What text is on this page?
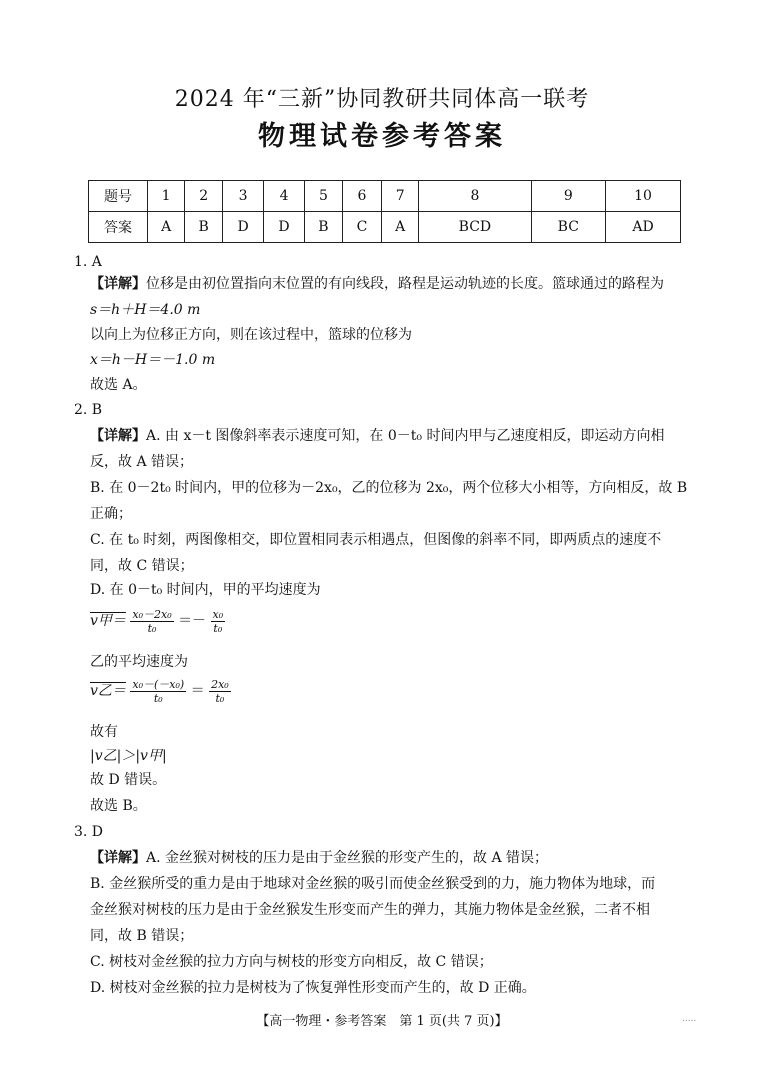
2024 年“三新”协同教研共同体高一联考
物理试卷参考答案
题号	1	2	3	4	5	6	7	8	9	10
答案	A	B	D	D	B	C	A	BCD	BC	AD
1. A
【详解】位移是由初位置指向末位置的有向线段，路程是运动轨迹的长度。篮球通过的路程为
s＝h＋H＝4.0 m
以向上为位移正方向，则在该过程中，篮球的位移为
x＝h－H＝－1.0 m
故选 A。
2. B
【详解】A. 由 x－t 图像斜率表示速度可知，在 0－t₀ 时间内甲与乙速度相反，即运动方向相
反，故 A 错误；
B. 在 0－2t₀ 时间内，甲的位移为－2x₀，乙的位移为 2x₀，两个位移大小相等，方向相反，故 B
正确；
C. 在 t₀ 时刻，两图像相交，即位置相同表示相遇点，但图像的斜率不同，即两质点的速度不
同，故 C 错误；
D. 在 0－t₀ 时间内，甲的平均速度为
v甲＝ $\frac{\text{x₀－2x₀}}{\text{t₀}} =- \frac{\text{x₀}}{\text{t₀}}$
乙的平均速度为
v乙＝ $\frac{\text{x₀－(－x₀)}}{\text{t₀}} = \frac{\text{2x₀}}{\text{t₀}}$
故有
|v乙|＞|v甲|
故 D 错误。
故选 B。
3. D
【详解】A. 金丝猴对树枝的压力是由于金丝猴的形变产生的，故 A 错误；
B. 金丝猴所受的重力是由于地球对金丝猴的吸引而使金丝猴受到的力，施力物体为地球，而
金丝猴对树枝的压力是由于金丝猴发生形变而产生的弹力，其施力物体是金丝猴，二者不相
同，故 B 错误；
C. 树枝对金丝猴的拉力方向与树枝的形变方向相反，故 C 错误；
D. 树枝对金丝猴的拉力是树枝为了恢复弹性形变而产生的，故 D 正确。
【高一物理・参考答案　第 1 页(共 7 页)】	.....
